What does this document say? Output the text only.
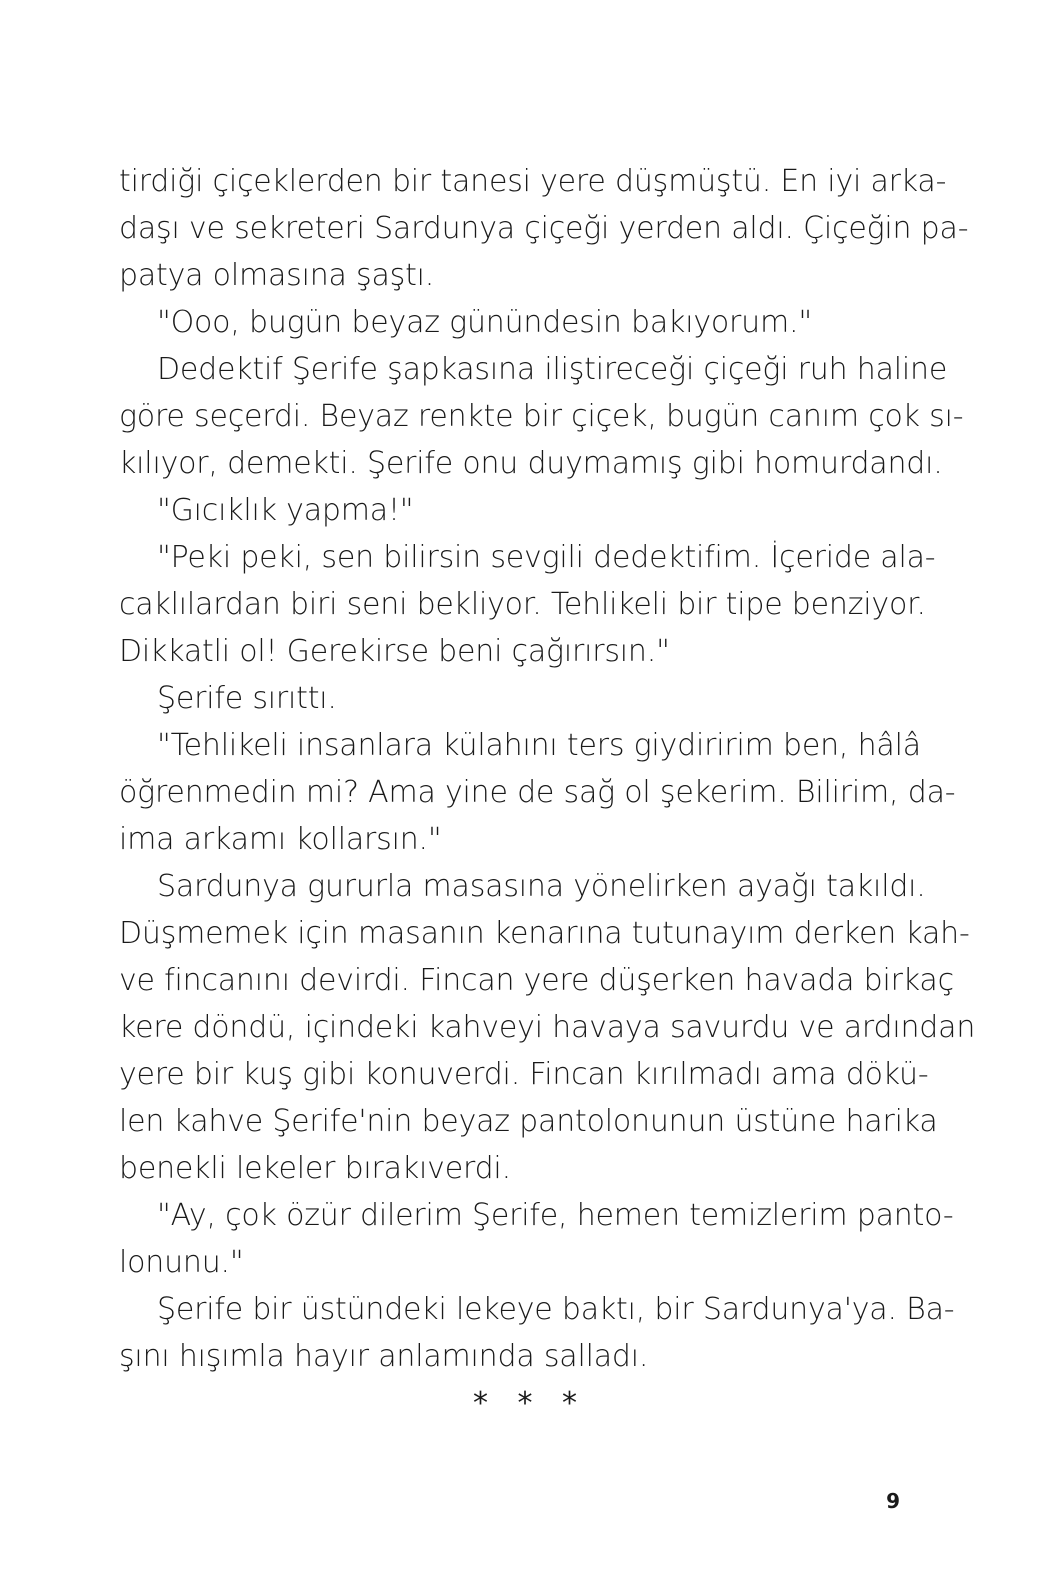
tirdiği çiçeklerden bir tanesi yere düşmüştü. En iyi arka-
daşı ve sekreteri Sardunya çiçeği yerden aldı. Çiçeğin pa-
patya olmasına şaştı.
"Ooo, bugün beyaz günündesin bakıyorum."
Dedektif Şerife şapkasına iliştireceği çiçeği ruh haline
göre seçerdi. Beyaz renkte bir çiçek, bugün canım çok sı-
kılıyor, demekti. Şerife onu duymamış gibi homurdandı.
"Gıcıklık yapma!"
"Peki peki, sen bilirsin sevgili dedektifim. İçeride ala-
caklılardan biri seni bekliyor. Tehlikeli bir tipe benziyor.
Dikkatli ol! Gerekirse beni çağırırsın."
Şerife sırıttı.
"Tehlikeli insanlara külahını ters giydiririm ben, hâlâ
öğrenmedin mi? Ama yine de sağ ol şekerim. Bilirim, da-
ima arkamı kollarsın."
Sardunya gururla masasına yönelirken ayağı takıldı.
Düşmemek için masanın kenarına tutunayım derken kah-
ve fincanını devirdi. Fincan yere düşerken havada birkaç
kere döndü, içindeki kahveyi havaya savurdu ve ardından
yere bir kuş gibi konuverdi. Fincan kırılmadı ama dökü-
len kahve Şerife'nin beyaz pantolonunun üstüne harika
benekli lekeler bırakıverdi.
"Ay, çok özür dilerim Şerife, hemen temizlerim panto-
lonunu."
Şerife bir üstündeki lekeye baktı, bir Sardunya'ya. Ba-
şını hışımla hayır anlamında salladı.
* * *
9
